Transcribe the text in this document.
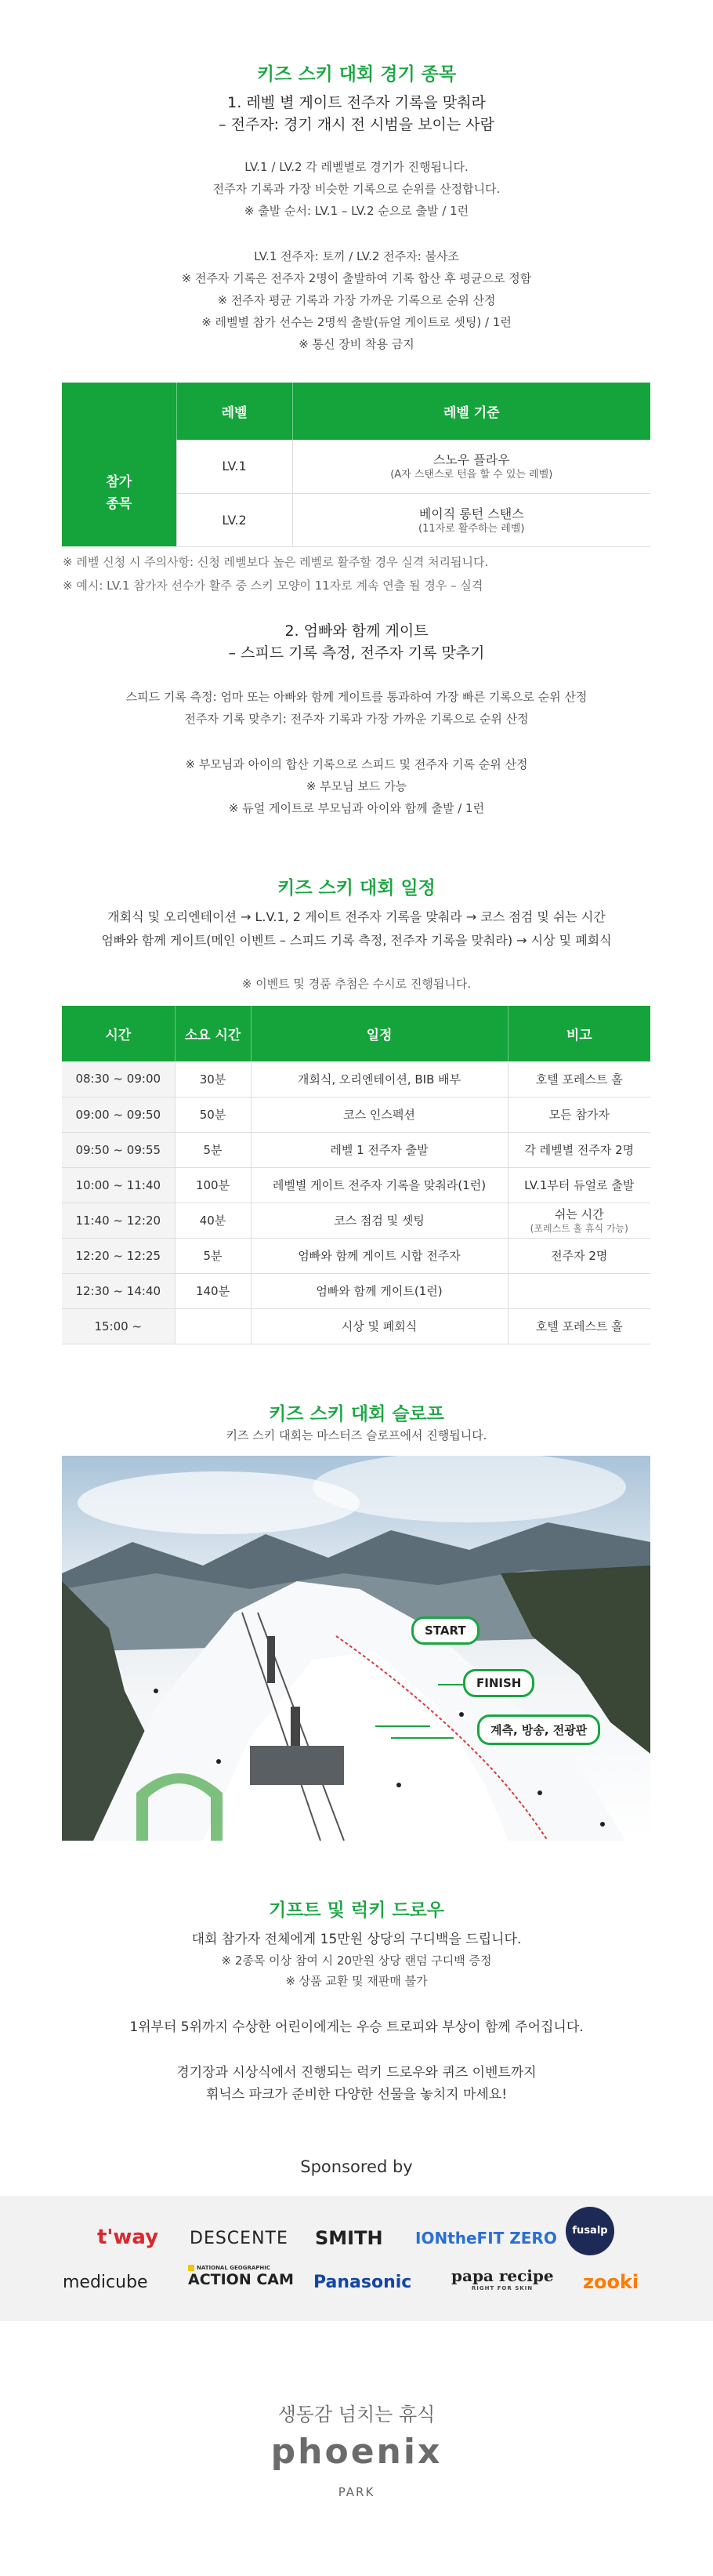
키즈 스키 대회 경기 종목
1. 레벨 별 게이트 전주자 기록을 맞춰라
– 전주자: 경기 개시 전 시범을 보이는 사람
LV.1 / LV.2 각 레벨별로 경기가 진행됩니다.
전주자 기록과 가장 비슷한 기록으로 순위를 산정합니다.
※ 출발 순서: LV.1 – LV.2 순으로 출발 / 1런
LV.1 전주자: 토끼 / LV.2 전주자: 불사조
※ 전주자 기록은 전주자 2명이 출발하여 기록 합산 후 평균으로 정함
※ 전주자 평균 기록과 가장 가까운 기록으로 순위 산정
※ 레벨별 참가 선수는 2명씩 출발(듀얼 게이트로 셋팅) / 1런
※ 통신 장비 착용 금지
	레벨	레벨 기준
참가
종목	LV.1	스노우 플라우
(A자 스탠스로 턴을 할 수 있는 레벨)

	LV.2	베이직 롱턴 스탠스
(11자로 활주하는 레벨)
※ 레벨 신청 시 주의사항: 신청 레벨보다 높은 레벨로 활주할 경우 실격 처리됩니다.
※ 예시: LV.1 참가자 선수가 활주 중 스키 모양이 11자로 계속 연출 될 경우 – 실격
2. 엄빠와 함께 게이트
– 스피드 기록 측정, 전주자 기록 맞추기
스피드 기록 측정: 엄마 또는 아빠와 함께 게이트를 통과하여 가장 빠른 기록으로 순위 산정
전주자 기록 맞추기: 전주자 기록과 가장 가까운 기록으로 순위 산정
※ 부모님과 아이의 합산 기록으로 스피드 및 전주자 기록 순위 산정
※ 부모님 보드 가능
※ 듀얼 게이트로 부모님과 아이와 함께 출발 / 1런
키즈 스키 대회 일정
개회식 및 오리엔테이션 → L.V.1, 2 게이트 전주자 기록을 맞춰라 → 코스 점검 및 쉬는 시간
엄빠와 함께 게이트(메인 이벤트 – 스피드 기록 측정, 전주자 기록을 맞춰라) → 시상 및 폐회식
※ 이벤트 및 경품 추첨은 수시로 진행됩니다.
시간	소요 시간	일정	비고
08:30 ~ 09:00	30분	개회식, 오리엔테이션, BIB 배부	호텔 포레스트 홀
09:00 ~ 09:50	50분	코스 인스펙션	모든 참가자
09:50 ~ 09:55	5분	레벨 1 전주자 출발	각 레벨별 전주자 2명
10:00 ~ 11:40	100분	레벨별 게이트 전주자 기록을 맞춰라(1런)	LV.1부터 듀얼로 출발
11:40 ~ 12:20	40분	코스 점검 및 셋팅	쉬는 시간
(포레스트 홀 휴식 가능)

12:20 ~ 12:25	5분	엄빠와 함께 게이트 시합 전주자	전주자 2명
12:30 ~ 14:40	140분	엄빠와 함께 게이트(1런)	
15:00 ~		시상 및 폐회식	호텔 포레스트 홀
키즈 스키 대회 슬로프
키즈 스키 대회는 마스터즈 슬로프에서 진행됩니다.
START
FINISH
계측, 방송, 전광판
기프트 및 럭키 드로우
대회 참가자 전체에게 15만원 상당의 구디백을 드립니다.
※ 2종목 이상 참여 시 20만원 상당 랜덤 구디백 증정
※ 상품 교환 및 재판매 불가
1위부터 5위까지 수상한 어린이에게는 우승 트로피와 부상이 함께 주어집니다.
경기장과 시상식에서 진행되는 럭키 드로우와 퀴즈 이벤트까지
휘닉스 파크가 준비한 다양한 선물을 놓치지 마세요!
Sponsored by
t'way DESCENTE SMITH IONtheFIT ZERO	fusalp
medicube
NATIONAL GEOGRAPHIC
ACTION CAM Panasonic	papa recipe
RIGHT FOR SKIN	zooki
생동감 넘치는 휴식
phoenix
PARK
